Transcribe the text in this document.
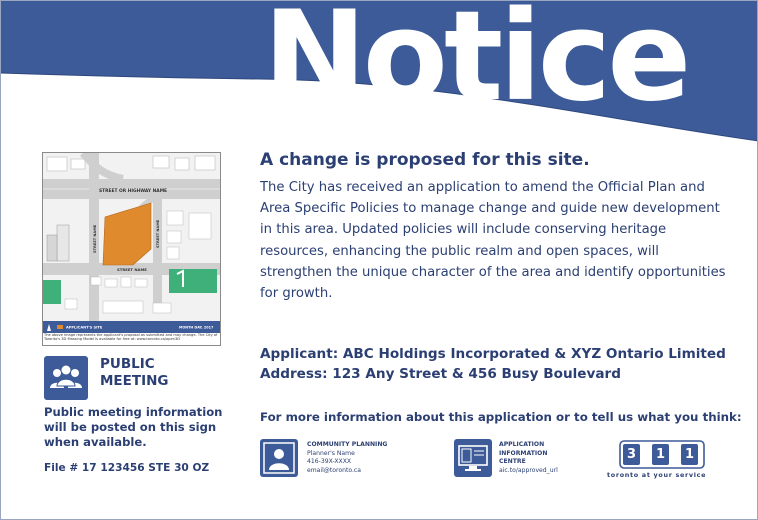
Notice
STREET OR HIGHWAY NAME
STREET NAME	STREET NAME
STREET NAME
APPLICANT'S SITE	MONTH DAY, 2017
The above image represents the applicant's proposal as submitted and may change. The City of Toronto's 3D Massing Model is available for free at: www.toronto.ca/open3D
A change is proposed for this site.
The City has received an application to amend the Official Plan and Area Specific Policies to manage change and guide new development in this area. Updated policies will include conserving heritage resources, enhancing the public realm and open spaces, will strengthen the unique character of the area and identify opportunities for growth.
Applicant: ABC Holdings Incorporated & XYZ Ontario Limited
Address: 123 Any Street & 456 Busy Boulevard
For more information about this application or to tell us what you think:
PUBLIC
MEETING
Public meeting information will be posted on this sign when available.
File # 17 123456 STE 30 OZ
COMMUNITY PLANNING
Planner's Name
416-39X-XXXX
email@toronto.ca
APPLICATION
INFORMATION
CENTRE
aic.to/approved_url
3	1	1
toronto at your service
